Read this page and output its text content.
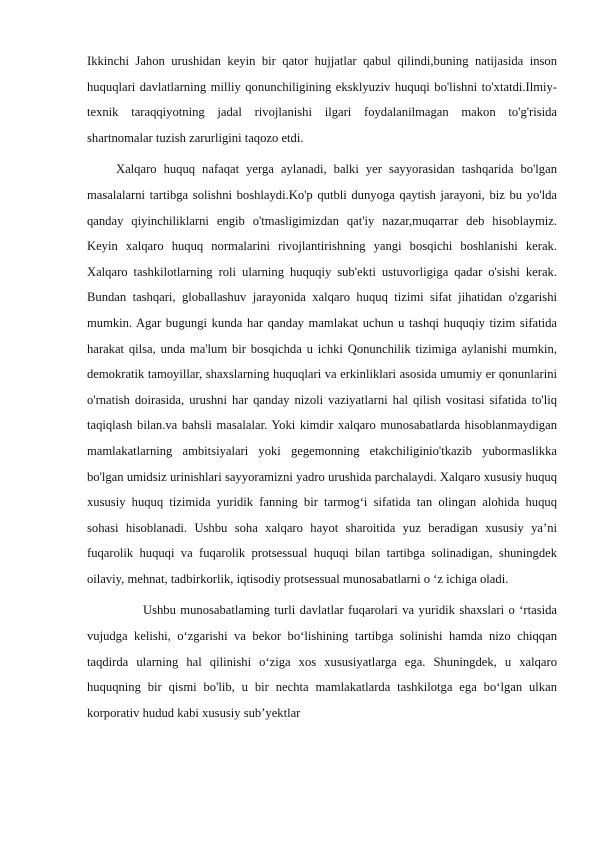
Ikkinchi Jahon urushidan keyin bir qator hujjatlar qabul qilindi,buning natijasida inson huquqlari davlatlarning milliy qonunchiligining eksklyuziv huquqi bo'lishni to'xtatdi.Ilmiy-texnik taraqqiyotning jadal rivojlanishi ilgari foydalanilmagan makon to'g'risida shartnomalar tuzish zarurligini taqozo etdi.

Xalqaro huquq nafaqat yerga aylanadi, balki yer sayyorasidan tashqarida bo'lgan masalalarni tartibga solishni boshlaydi.Ko'p qutbli dunyoga qaytish jarayoni, biz bu yo'lda qanday qiyinchiliklarni engib o'tmasligimizdan qat'iy nazar,muqarrar deb hisoblaymiz. Keyin xalqaro huquq normalarini rivojlantirishning yangi bosqichi boshlanishi kerak. Xalqaro tashkilotlarning roli ularning huquqiy sub'ekti ustuvorligiga qadar o'sishi kerak. Bundan tashqari, globallashuv jarayonida xalqaro huquq tizimi sifat jihatidan o'zgarishi mumkin. Agar bugungi kunda har qanday mamlakat uchun u tashqi huquqiy tizim sifatida harakat qilsa, unda ma'lum bir bosqichda u ichki Qonunchilik tizimiga aylanishi mumkin, demokratik tamoyillar, shaxslarning huquqlari va erkinliklari asosida umumiy er qonunlarini o'rnatish doirasida, urushni har qanday nizoli vaziyatlarni hal qilish vositasi sifatida to'liq taqiqlash bilan.va bahsli masalalar. Yoki kimdir xalqaro munosabatlarda hisoblanmaydigan mamlakatlarning ambitsiyalari yoki gegemonning etakchiliginio'tkazib yubormaslikka bo'lgan umidsiz urinishlari sayyoramizni yadro urushida parchalaydi. Xalqaro xususiy huquq xususiy huquq tizimida yuridik fanning bir tarmog‘i sifatida tan olingan alohida huquq sohasi hisoblanadi. Ushbu soha xalqaro hayot sharoitida yuz beradigan xususiy ya’ni fuqarolik huquqi va fuqarolik protsessual huquqi bilan tartibga solinadigan, shuningdek oilaviy, mehnat, tadbirkorlik, iqtisodiy protsessual munosabatlarni o ‘z ichiga oladi.

Ushbu munosabatlaming turli davlatlar fuqarolari va yuridik shaxslari o ‘rtasida vujudga kelishi, o‘zgarishi va bekor bo‘lishining tartibga solinishi hamda nizo chiqqan taqdirda ularning hal qilinishi o‘ziga xos xususiyatlarga ega. Shuningdek, u xalqaro huquqning bir qismi bo'lib, u bir nechta mamlakatlarda tashkilotga ega bo‘lgan ulkan korporativ hudud kabi xususiy sub’yektlar
